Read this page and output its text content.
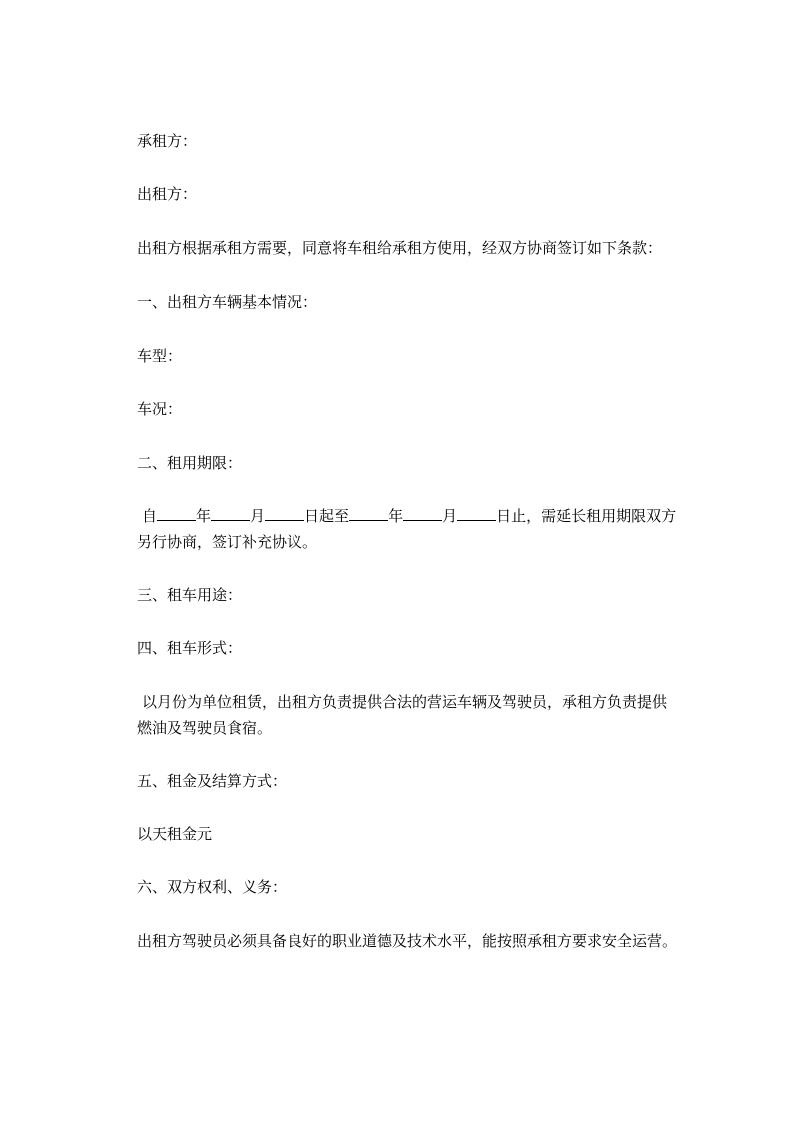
承租方：
出租方：
出租方根据承租方需要，同意将车租给承租方使用，经双方协商签订如下条款：
一、出租方车辆基本情况：
车型：
车况：
二、租用期限：
自	年	月	日起至	年	月	日止，需延长租用期限双方
另行协商，签订补充协议。
三、租车用途：
四、租车形式：
以月份为单位租赁，出租方负责提供合法的营运车辆及驾驶员，承租方负责提供
燃油及驾驶员食宿。
五、租金及结算方式：
以天租金元
六、双方权利、义务：
出租方驾驶员必须具备良好的职业道德及技术水平，能按照承租方要求安全运营。
